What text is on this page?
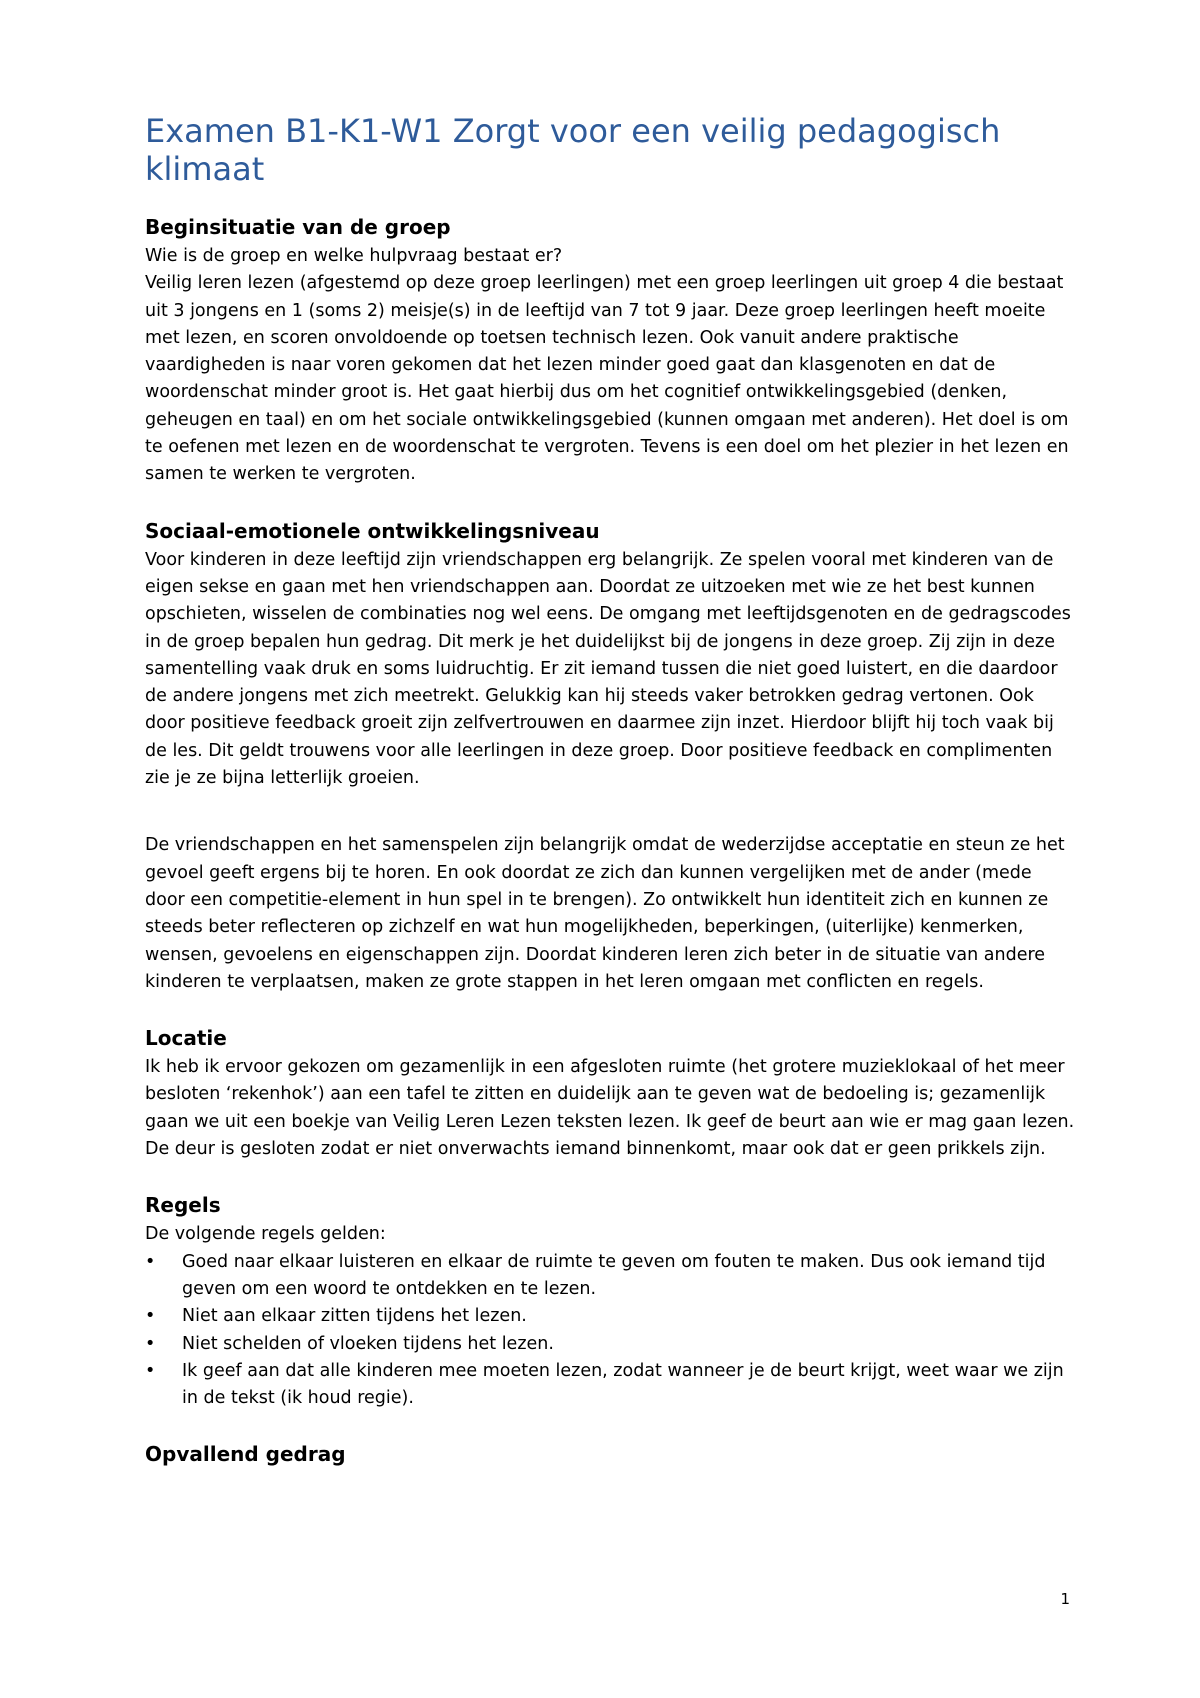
Examen B1-K1-W1 Zorgt voor een veilig pedagogisch klimaat
Beginsituatie van de groep

Wie is de groep en welke hulpvraag bestaat er?

Veilig leren lezen (afgestemd op deze groep leerlingen) met een groep leerlingen uit groep 4 die bestaat uit 3 jongens en 1 (soms 2) meisje(s) in de leeftijd van 7 tot 9 jaar. Deze groep leerlingen heeft moeite met lezen, en scoren onvoldoende op toetsen technisch lezen. Ook vanuit andere praktische vaardigheden is naar voren gekomen dat het lezen minder goed gaat dan klasgenoten en dat de woordenschat minder groot is. Het gaat hierbij dus om het cognitief ontwikkelingsgebied (denken, geheugen en taal) en om het sociale ontwikkelingsgebied (kunnen omgaan met anderen). Het doel is om te oefenen met lezen en de woordenschat te vergroten. Tevens is een doel om het plezier in het lezen en samen te werken te vergroten.

Sociaal-emotionele ontwikkelingsniveau

Voor kinderen in deze leeftijd zijn vriendschappen erg belangrijk. Ze spelen vooral met kinderen van de eigen sekse en gaan met hen vriendschappen aan. Doordat ze uitzoeken met wie ze het best kunnen opschieten, wisselen de combinaties nog wel eens. De omgang met leeftijdsgenoten en de gedragscodes in de groep bepalen hun gedrag. Dit merk je het duidelijkst bij de jongens in deze groep. Zij zijn in deze samentelling vaak druk en soms luidruchtig. Er zit iemand tussen die niet goed luistert, en die daardoor de andere jongens met zich meetrekt. Gelukkig kan hij steeds vaker betrokken gedrag vertonen. Ook door positieve feedback groeit zijn zelfvertrouwen en daarmee zijn inzet. Hierdoor blijft hij toch vaak bij de les. Dit geldt trouwens voor alle leerlingen in deze groep. Door positieve feedback en complimenten zie je ze bijna letterlijk groeien.

De vriendschappen en het samenspelen zijn belangrijk omdat de wederzijdse acceptatie en steun ze het gevoel geeft ergens bij te horen. En ook doordat ze zich dan kunnen vergelijken met de ander (mede door een competitie-element in hun spel in te brengen). Zo ontwikkelt hun identiteit zich en kunnen ze steeds beter reflecteren op zichzelf en wat hun mogelijkheden, beperkingen, (uiterlijke) kenmerken, wensen, gevoelens en eigenschappen zijn. Doordat kinderen leren zich beter in de situatie van andere kinderen te verplaatsen, maken ze grote stappen in het leren omgaan met conflicten en regels.

Locatie

Ik heb ik ervoor gekozen om gezamenlijk in een afgesloten ruimte (het grotere muzieklokaal of het meer besloten ‘rekenhok’) aan een tafel te zitten en duidelijk aan te geven wat de bedoeling is; gezamenlijk gaan we uit een boekje van Veilig Leren Lezen teksten lezen. Ik geef de beurt aan wie er mag gaan lezen. De deur is gesloten zodat er niet onverwachts iemand binnenkomt, maar ook dat er geen prikkels zijn.

Regels

De volgende regels gelden:

• Goed naar elkaar luisteren en elkaar de ruimte te geven om fouten te maken. Dus ook iemand tijd geven om een woord te ontdekken en te lezen.
• Niet aan elkaar zitten tijdens het lezen.
• Niet schelden of vloeken tijdens het lezen.
• Ik geef aan dat alle kinderen mee moeten lezen, zodat wanneer je de beurt krijgt, weet waar we zijn in de tekst (ik houd regie).
Opvallend gedrag
1
